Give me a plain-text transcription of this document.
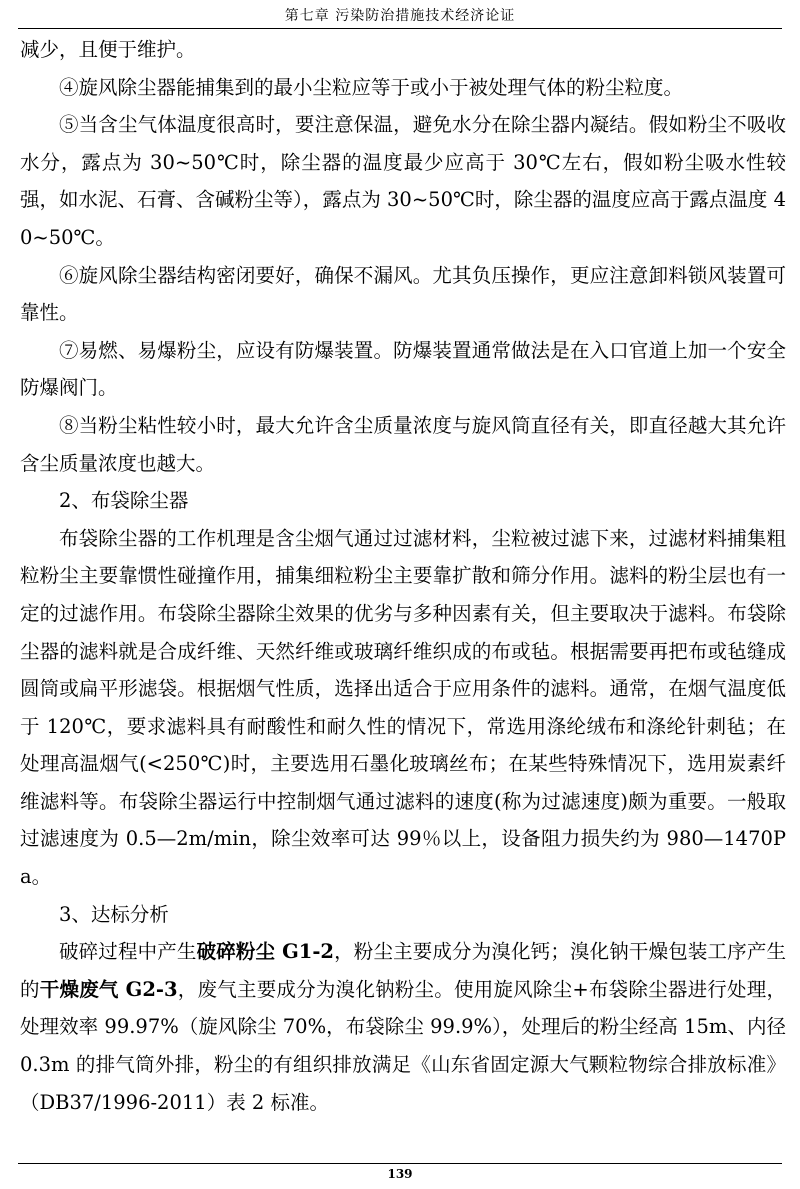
第七章 污染防治措施技术经济论证

减少，且便于维护。

④旋风除尘器能捕集到的最小尘粒应等于或小于被处理气体的粉尘粒度。

⑤当含尘气体温度很高时，要注意保温，避免水分在除尘器内凝结。假如粉尘不吸收水分，露点为 30~50℃时，除尘器的温度最少应高于 30℃左右，假如粉尘吸水性较强，如水泥、石膏、含碱粉尘等），露点为 30~50℃时，除尘器的温度应高于露点温度 40~50℃。

⑥旋风除尘器结构密闭要好，确保不漏风。尤其负压操作，更应注意卸料锁风装置可靠性。

⑦易燃、易爆粉尘，应设有防爆装置。防爆装置通常做法是在入口官道上加一个安全防爆阀门。

⑧当粉尘粘性较小时，最大允许含尘质量浓度与旋风筒直径有关，即直径越大其允许含尘质量浓度也越大。

2、布袋除尘器

布袋除尘器的工作机理是含尘烟气通过过滤材料，尘粒被过滤下来，过滤材料捕集粗粒粉尘主要靠惯性碰撞作用，捕集细粒粉尘主要靠扩散和筛分作用。滤料的粉尘层也有一定的过滤作用。布袋除尘器除尘效果的优劣与多种因素有关，但主要取决于滤料。布袋除尘器的滤料就是合成纤维、天然纤维或玻璃纤维织成的布或毡。根据需要再把布或毡缝成圆筒或扁平形滤袋。根据烟气性质，选择出适合于应用条件的滤料。通常，在烟气温度低于 120℃，要求滤料具有耐酸性和耐久性的情况下，常选用涤纶绒布和涤纶针刺毡；在处理高温烟气(<250℃)时，主要选用石墨化玻璃丝布；在某些特殊情况下，选用炭素纤维滤料等。布袋除尘器运行中控制烟气通过滤料的速度(称为过滤速度)颇为重要。一般取过滤速度为 0.5—2m/min，除尘效率可达 99％以上，设备阻力损失约为 980—1470Pa。

3、达标分析

破碎过程中产生破碎粉尘 G1-2，粉尘主要成分为溴化钙；溴化钠干燥包装工序产生的干燥废气 G2-3，废气主要成分为溴化钠粉尘。使用旋风除尘+布袋除尘器进行处理，处理效率 99.97%（旋风除尘 70%，布袋除尘 99.9%），处理后的粉尘经高 15m、内径 0.3m 的排气筒外排，粉尘的有组织排放满足《山东省固定源大气颗粒物综合排放标准》（DB37/1996-2011）表 2 标准。

139
